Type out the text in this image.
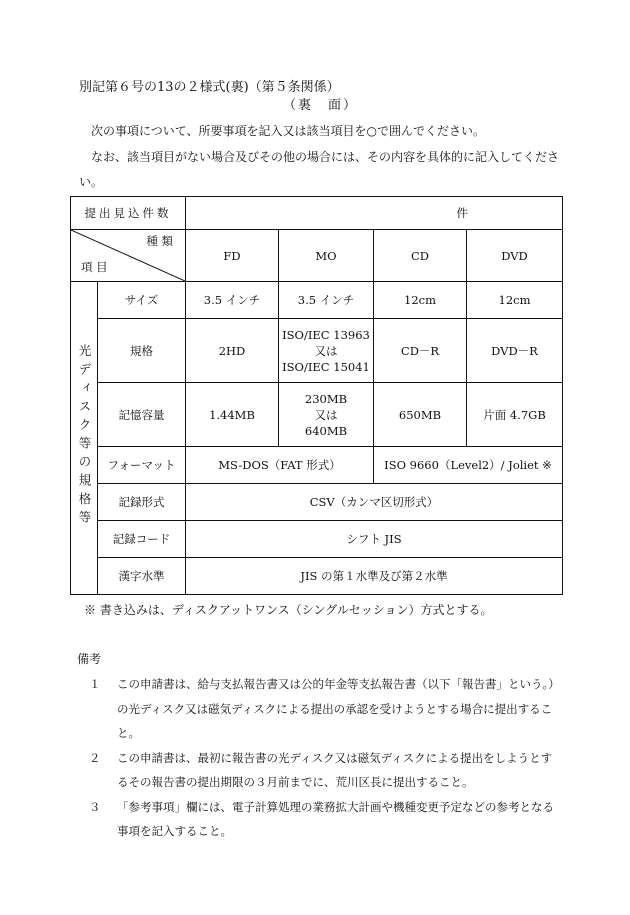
別記第６号の13の２様式(裏)（第５条関係）
（裏　面）
次の事項について、所要事項を記入又は該当項目を○で囲んでください。
なお、該当項目がない場合及びその他の場合には、その内容を具体的に記入してください。
提出見込件数		件			

種 類
項 目		FD	MO	CD	DVD
光ディスク等の規格等	サイズ	3.5 インチ	3.5 インチ	12cm	12cm
	規格	2HD	ISO/IEC 13963
又は
ISO/IEC 15041	CD－R	DVD－R
	記憶容量	1.44MB	230MB
又は
640MB	650MB	片面 4.7GB
	フォーマット	MS-DOS（FAT 形式）		ISO 9660（Level2）/ Joliet ※	
	記録形式	CSV（カンマ区切形式）			
	記録コード	シフト JIS			
	漢字水準	JIS の第１水準及び第２水準			
※ 書き込みは、ディスクアットワンス（シングルセッション）方式とする。
備考
１	この申請書は、給与支払報告書又は公的年金等支払報告書（以下「報告書」という。）の光ディスク又は磁気ディスクによる提出の承認を受けようとする場合に提出すること。
２	この申請書は、最初に報告書の光ディスク又は磁気ディスクによる提出をしようとするその報告書の提出期限の３月前までに、荒川区長に提出すること。
３	「参考事項」欄には、電子計算処理の業務拡大計画や機種変更予定などの参考となる事項を記入すること。
